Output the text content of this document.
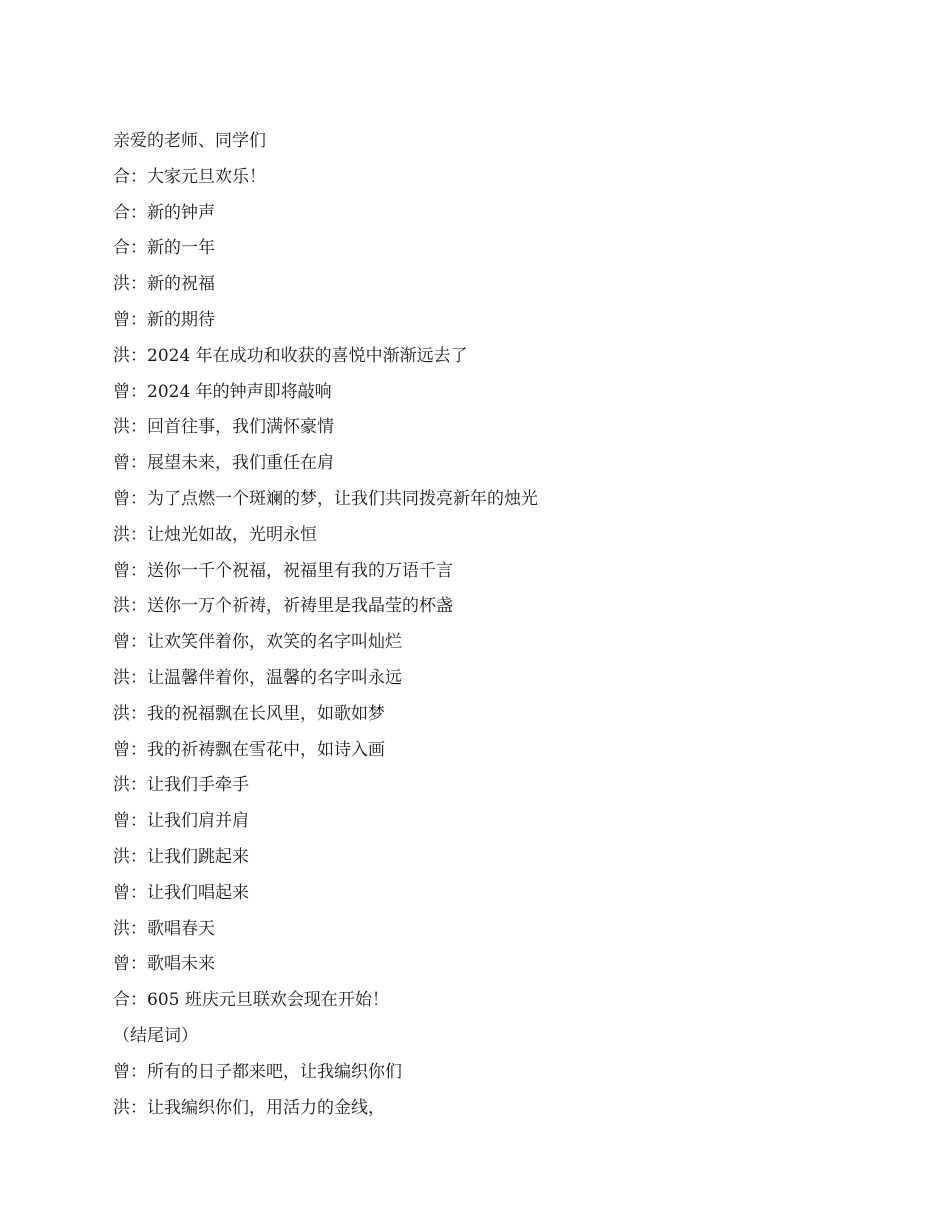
亲爱的老师、同学们
合：大家元旦欢乐！
合：新的钟声
合：新的一年
洪：新的祝福
曾：新的期待
洪：2024 年在成功和收获的喜悦中渐渐远去了
曾：2024 年的钟声即将敲响
洪：回首往事，我们满怀豪情
曾：展望未来，我们重任在肩
曾：为了点燃一个斑斓的梦，让我们共同拨亮新年的烛光
洪：让烛光如故，光明永恒
曾：送你一千个祝福，祝福里有我的万语千言
洪：送你一万个祈祷，祈祷里是我晶莹的杯盏
曾：让欢笑伴着你，欢笑的名字叫灿烂
洪：让温馨伴着你，温馨的名字叫永远
洪：我的祝福飘在长风里，如歌如梦
曾：我的祈祷飘在雪花中，如诗入画
洪：让我们手牵手
曾：让我们肩并肩
洪：让我们跳起来
曾：让我们唱起来
洪：歌唱春天
曾：歌唱未来
合：605 班庆元旦联欢会现在开始！
（结尾词）
曾：所有的日子都来吧，让我编织你们
洪：让我编织你们，用活力的金线，
